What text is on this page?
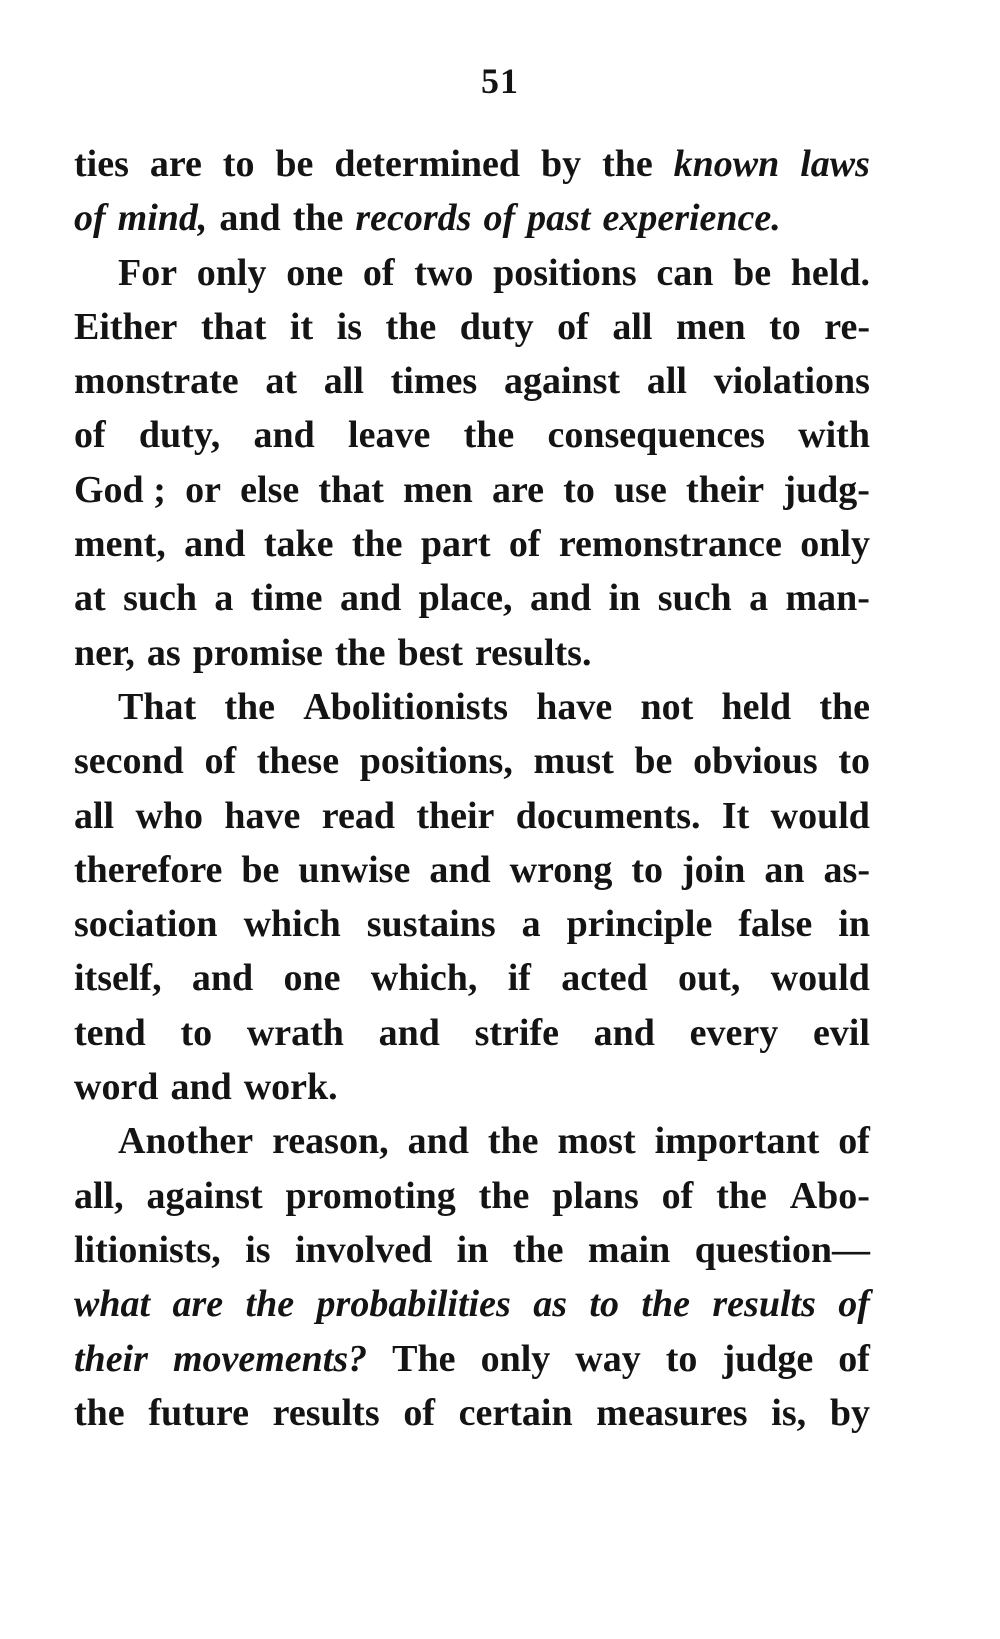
51
ties are to be determined by the known laws
of mind, and the records of past experience.
For only one of two positions can be held.
Either that it is the duty of all men to re-
monstrate at all times against all violations
of duty, and leave the consequences with
God ; or else that men are to use their judg-
ment, and take the part of remonstrance only
at such a time and place, and in such a man-
ner, as promise the best results.
That the Abolitionists have not held the
second of these positions, must be obvious to
all who have read their documents. It would
therefore be unwise and wrong to join an as-
sociation which sustains a principle false in
itself, and one which, if acted out, would
tend to wrath and strife and every evil
word and work.
Another reason, and the most important of
all, against promoting the plans of the Abo-
litionists, is involved in the main question—
what are the probabilities as to the results of
their movements? The only way to judge of
the future results of certain measures is, by
